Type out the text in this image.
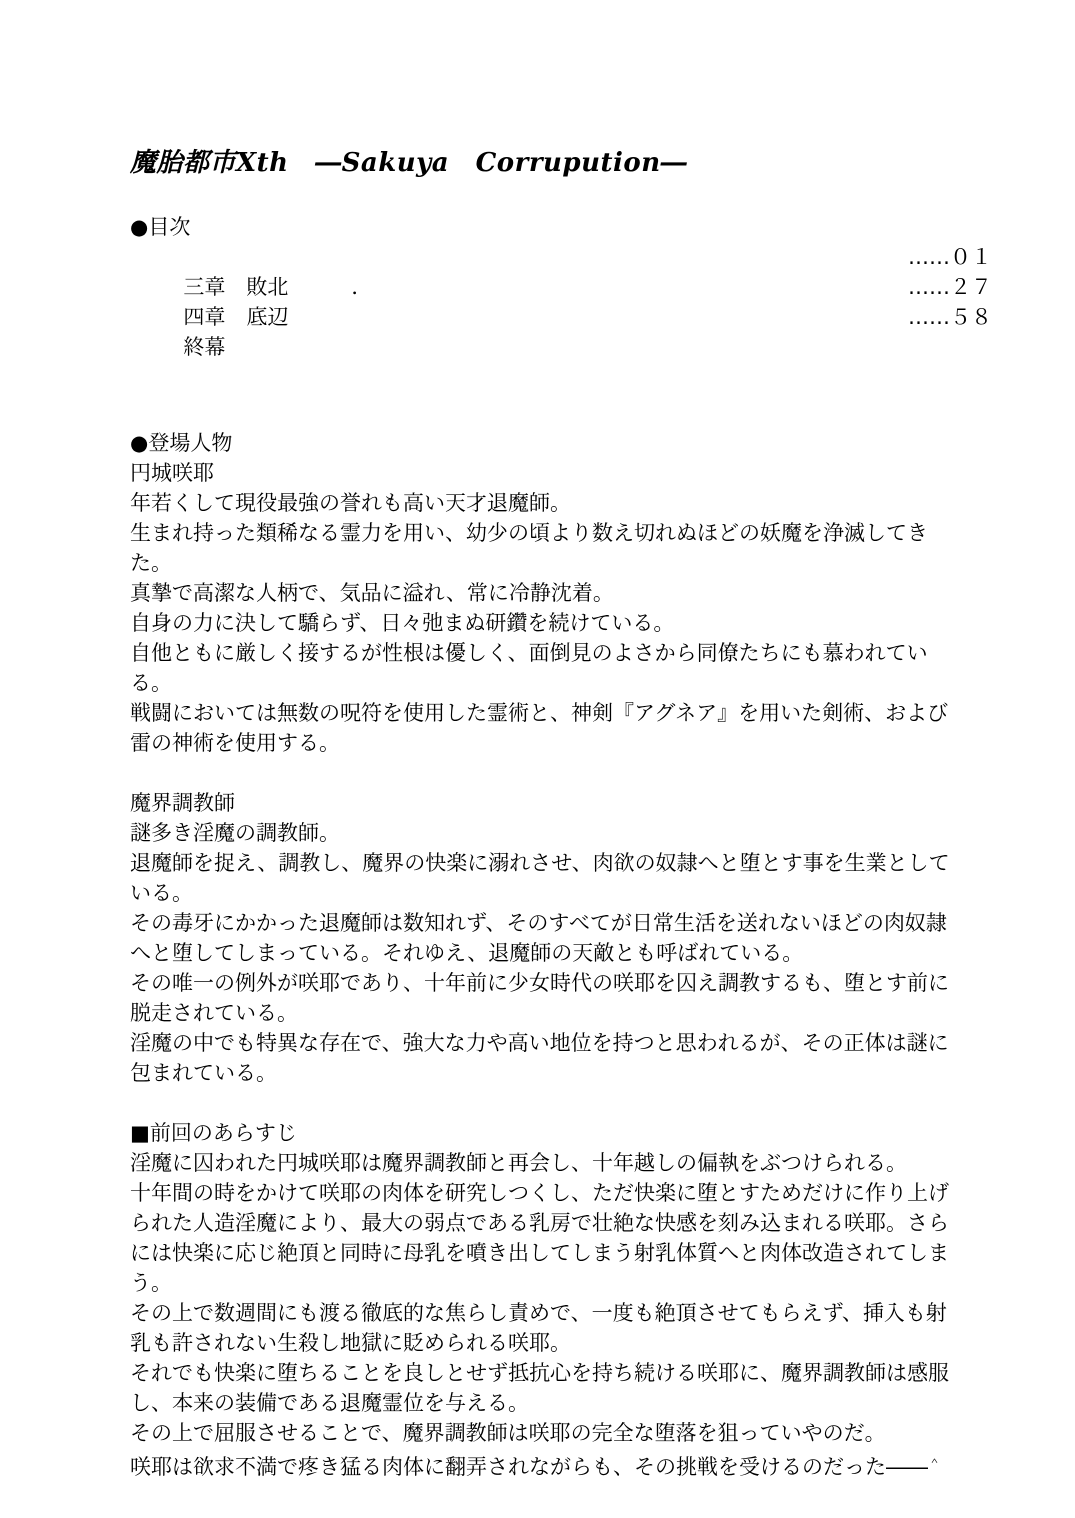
魔胎都市Xth　―Sakuya　Corrupution―
●目次

三章　敗北　　　．

……０１

四章　底辺

……２７

終幕

……５８

●登場人物
円城咲耶
年若くして現役最強の誉れも高い天才退魔師。
生まれ持った類稀なる霊力を用い、幼少の頃より数え切れぬほどの妖魔を浄滅してきた。
真摯で高潔な人柄で、気品に溢れ、常に冷静沈着。
自身の力に決して驕らず、日々弛まぬ研鑽を続けている。
自他ともに厳しく接するが性根は優しく、面倒見のよさから同僚たちにも慕われている。
戦闘においては無数の呪符を使用した霊術と、神剣『アグネア』を用いた剣術、および雷の神術を使用する。
魔界調教師
謎多き淫魔の調教師。
退魔師を捉え、調教し、魔界の快楽に溺れさせ、肉欲の奴隷へと堕とす事を生業としている。
その毒牙にかかった退魔師は数知れず、そのすべてが日常生活を送れないほどの肉奴隷へと堕してしまっている。それゆえ、退魔師の天敵とも呼ばれている。
その唯一の例外が咲耶であり、十年前に少女時代の咲耶を囚え調教するも、堕とす前に脱走されている。
淫魔の中でも特異な存在で、強大な力や高い地位を持つと思われるが、その正体は謎に包まれている。
■前回のあらすじ
淫魔に囚われた円城咲耶は魔界調教師と再会し、十年越しの偏執をぶつけられる。
十年間の時をかけて咲耶の肉体を研究しつくし、ただ快楽に堕とすためだけに作り上げられた人造淫魔により、最大の弱点である乳房で壮絶な快感を刻み込まれる咲耶。さらには快楽に応じ絶頂と同時に母乳を噴き出してしまう射乳体質へと肉体改造されてしまう。
その上で数週間にも渡る徹底的な焦らし責めで、一度も絶頂させてもらえず、挿入も射乳も許されない生殺し地獄に貶められる咲耶。
それでも快楽に堕ちることを良しとせず抵抗心を持ち続ける咲耶に、魔界調教師は感服し、本来の装備である退魔霊位を与える。
その上で屈服させることで、魔界調教師は咲耶の完全な堕落を狙っていやのだ。
咲耶は欲求不満で疼き猛る肉体に翻弄されながらも、その挑戦を受けるのだった――＾
